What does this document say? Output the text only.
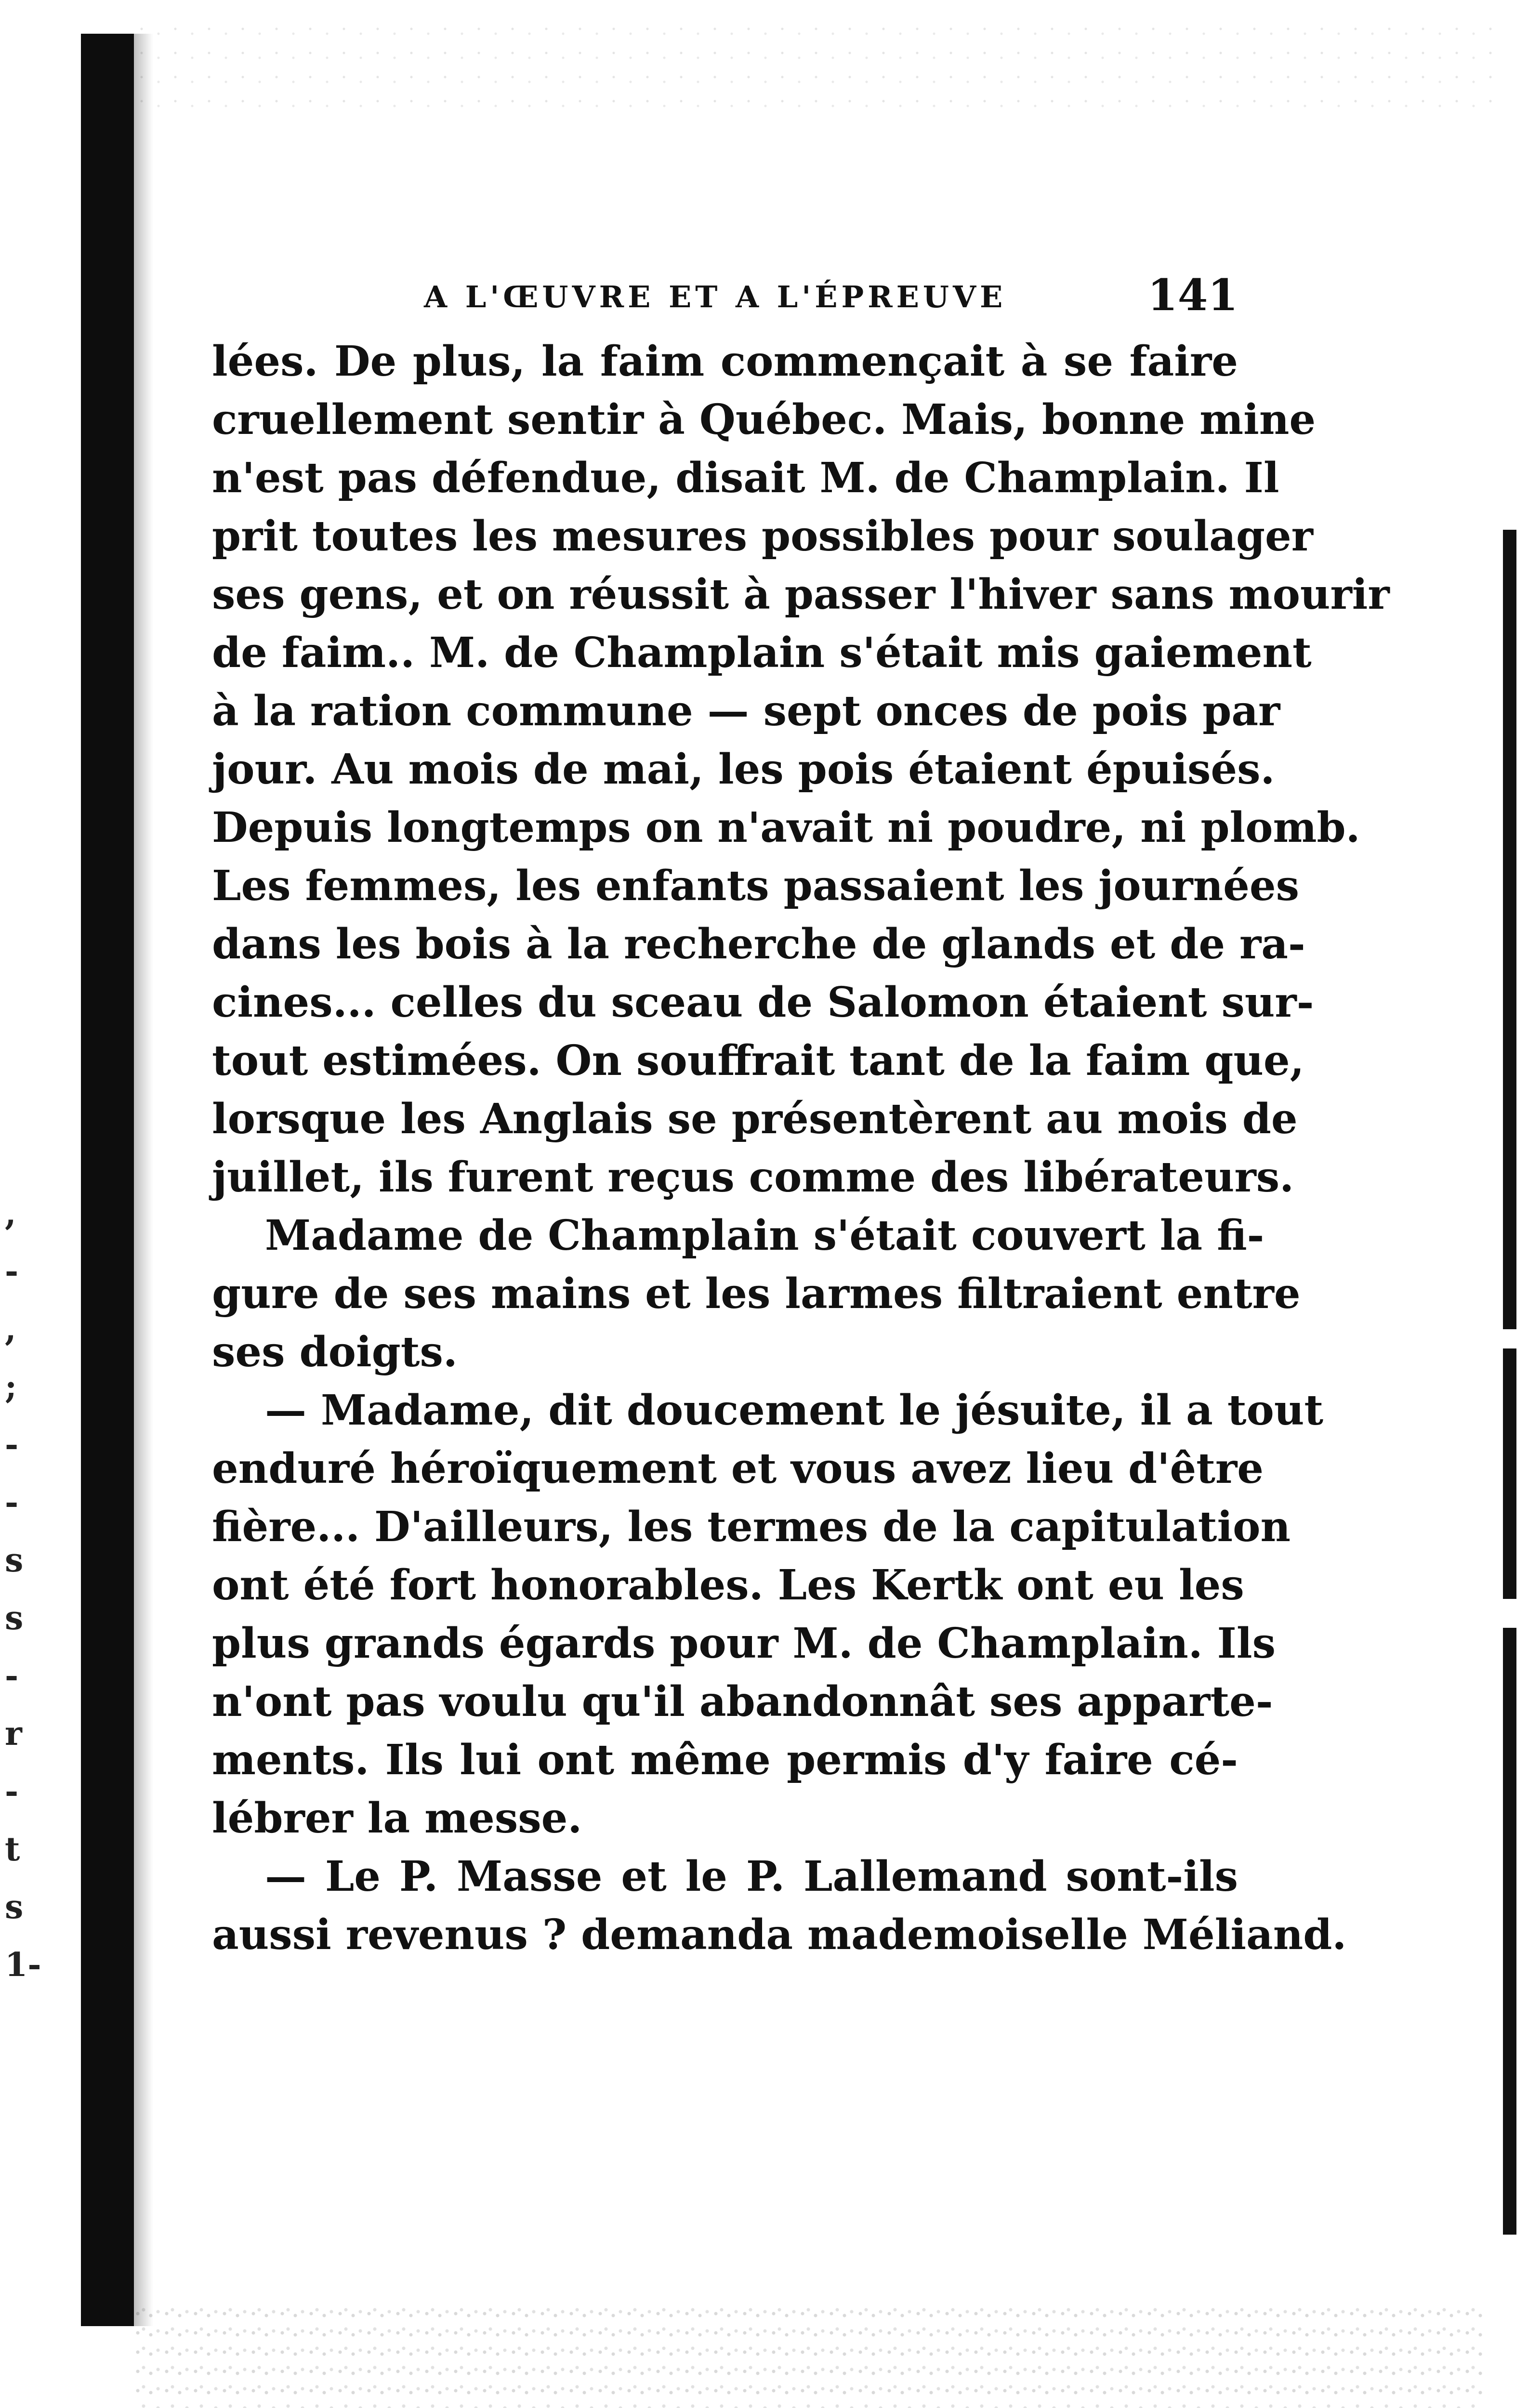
,
-
,
;
-
-
s
s
-
r
-
t
s
1-
A L'ŒUVRE ET A L'ÉPREUVE	141
lées. De plus, la faim commençait à se faire
cruellement sentir à Québec. Mais, bonne mine
n'est pas défendue, disait M. de Champlain. Il
prit toutes les mesures possibles pour soulager
ses gens, et on réussit à passer l'hiver sans mourir
de faim.. M. de Champlain s'était mis gaiement
à la ration commune — sept onces de pois par
jour. Au mois de mai, les pois étaient épuisés.
Depuis longtemps on n'avait ni poudre, ni plomb.
Les femmes, les enfants passaient les journées
dans les bois à la recherche de glands et de ra-
cines... celles du sceau de Salomon étaient sur-
tout estimées. On souffrait tant de la faim que,
lorsque les Anglais se présentèrent au mois de
juillet, ils furent reçus comme des libérateurs.
Madame de Champlain s'était couvert la fi-
gure de ses mains et les larmes filtraient entre
ses doigts.
— Madame, dit doucement le jésuite, il a tout
enduré héroïquement et vous avez lieu d'être
fière... D'ailleurs, les termes de la capitulation
ont été fort honorables. Les Kertk ont eu les
plus grands égards pour M. de Champlain. Ils
n'ont pas voulu qu'il abandonnât ses apparte-
ments. Ils lui ont même permis d'y faire cé-
lébrer la messe.
— Le P. Masse et le P. Lallemand sont-ils
aussi revenus ? demanda mademoiselle Méliand.
